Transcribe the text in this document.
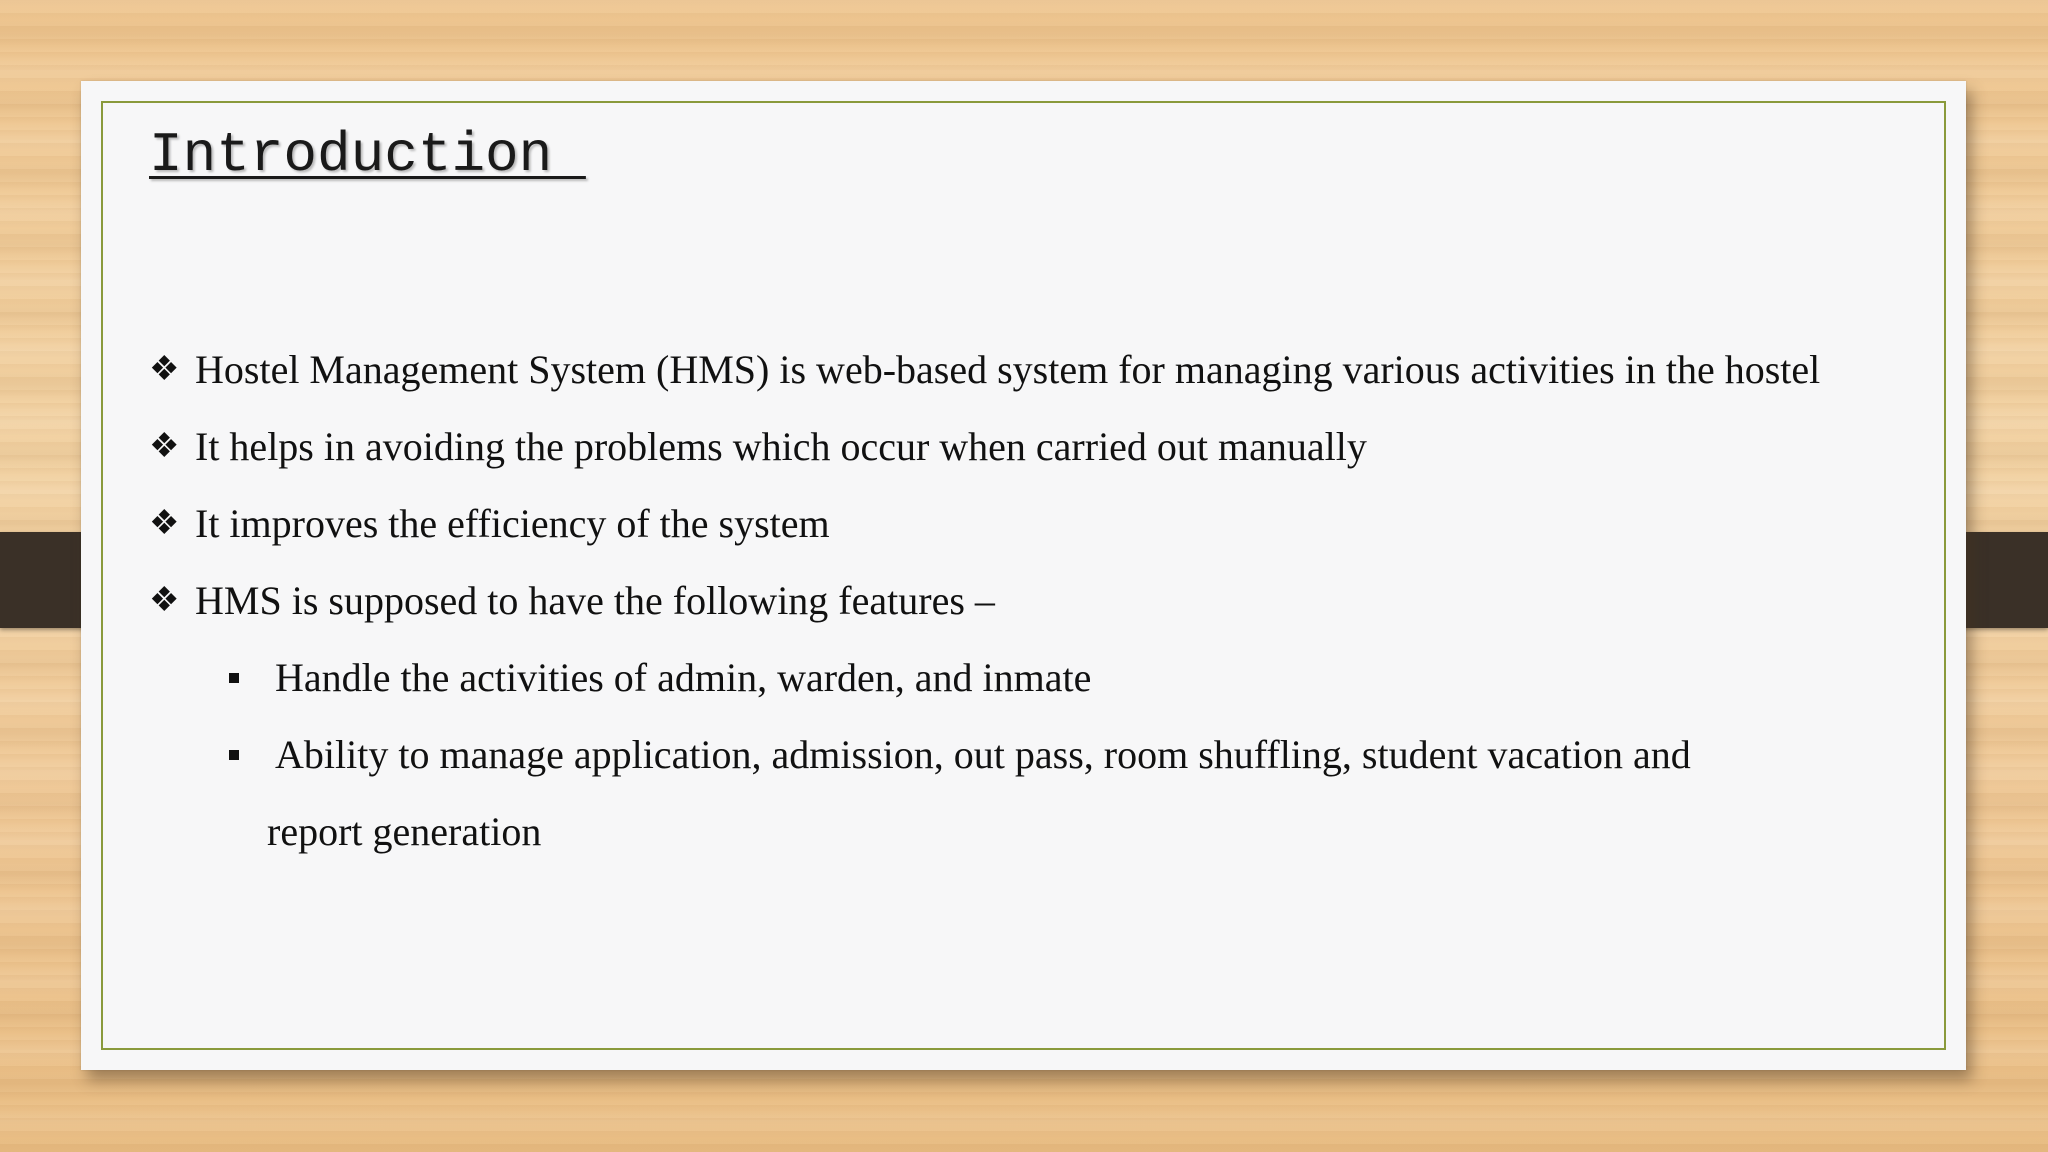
Introduction
❖ Hostel Management System (HMS) is web-based system for managing various activities in the hostel
❖ It helps in avoiding the problems which occur when carried out manually
❖ It improves the efficiency of the system
❖ HMS is supposed to have the following features –
Handle the activities of admin, warden, and inmate
Ability to manage application, admission, out pass, room shuffling, student vacation and
report generation
